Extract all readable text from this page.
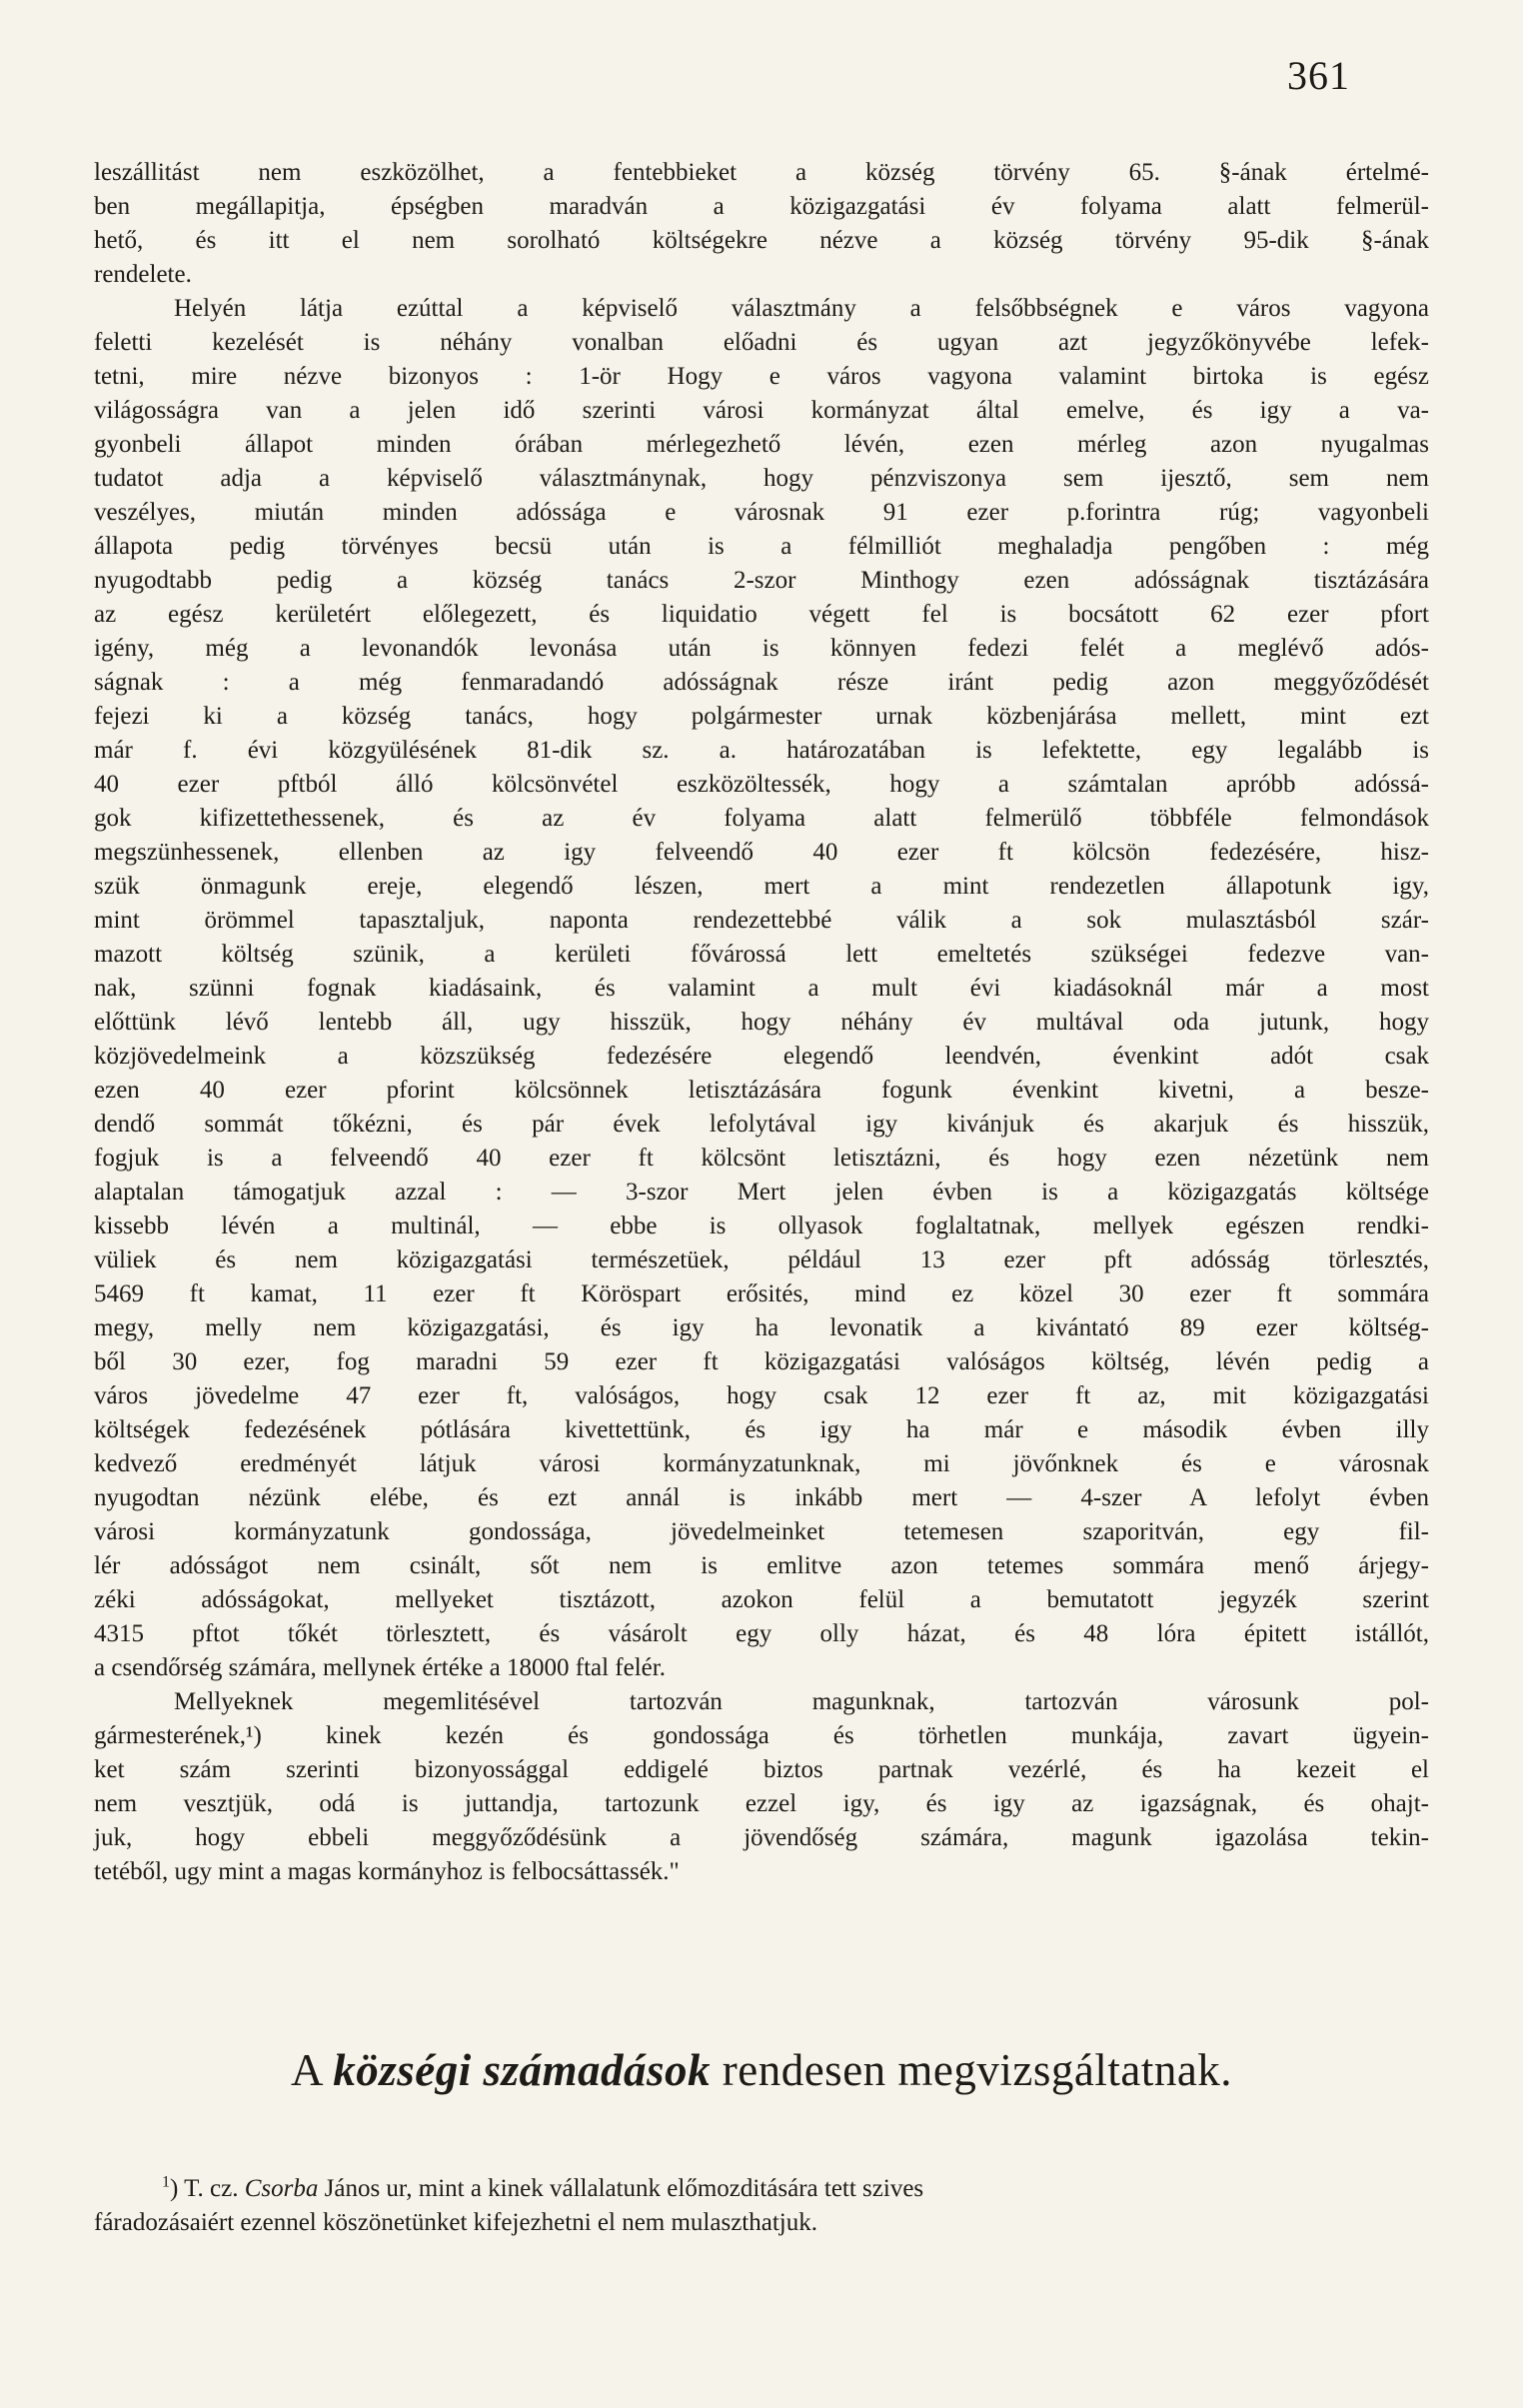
361
leszállitást nem eszközölhet, a fentebbieket a község törvény 65. §-ának értelmé-
ben megállapitja, épségben maradván a közigazgatási év folyama alatt felmerül-
hető, és itt el nem sorolható költségekre nézve a község törvény 95-dik §-ának
rendelete.
Helyén látja ezúttal a képviselő választmány a felsőbbségnek e város vagyona
feletti kezelését is néhány vonalban előadni és ugyan azt jegyzőkönyvébe lefek-
tetni, mire nézve bizonyos : 1-ör Hogy e város vagyona valamint birtoka is egész
világosságra van a jelen idő szerinti városi kormányzat által emelve, és igy a va-
gyonbeli állapot minden órában mérlegezhető lévén, ezen mérleg azon nyugalmas
tudatot adja a képviselő választmánynak, hogy pénzviszonya sem ijesztő, sem nem
veszélyes, miután minden adóssága e városnak 91 ezer p.forintra rúg; vagyonbeli
állapota pedig törvényes becsü után is a félmilliót meghaladja pengőben : még
nyugodtabb pedig a község tanács 2-szor Minthogy ezen adósságnak tisztázására
az egész kerületért előlegezett, és liquidatio végett fel is bocsátott 62 ezer pfort
igény, még a levonandók levonása után is könnyen fedezi felét a meglévő adós-
ságnak : a még fenmaradandó adósságnak része iránt pedig azon meggyőződését
fejezi ki a község tanács, hogy polgármester urnak közbenjárása mellett, mint ezt
már f. évi közgyülésének 81-dik sz. a. határozatában is lefektette, egy legalább is
40 ezer pftból álló kölcsönvétel eszközöltessék, hogy a számtalan apróbb adóssá-
gok kifizettethessenek, és az év folyama alatt felmerülő többféle felmondások
megszünhessenek, ellenben az igy felveendő 40 ezer ft kölcsön fedezésére, hisz-
szük önmagunk ereje, elegendő lészen, mert a mint rendezetlen állapotunk igy,
mint örömmel tapasztaljuk, naponta rendezettebbé válik a sok mulasztásból szár-
mazott költség szünik, a kerületi fővárossá lett emeltetés szükségei fedezve van-
nak, szünni fognak kiadásaink, és valamint a mult évi kiadásoknál már a most
előttünk lévő lentebb áll, ugy hisszük, hogy néhány év multával oda jutunk, hogy
közjövedelmeink a közszükség fedezésére elegendő leendvén, évenkint adót csak
ezen 40 ezer pforint kölcsönnek letisztázására fogunk évenkint kivetni, a besze-
dendő sommát tőkézni, és pár évek lefolytával igy kivánjuk és akarjuk és hisszük,
fogjuk is a felveendő 40 ezer ft kölcsönt letisztázni, és hogy ezen nézetünk nem
alaptalan támogatjuk azzal : — 3-szor Mert jelen évben is a közigazgatás költsége
kissebb lévén a multinál, — ebbe is ollyasok foglaltatnak, mellyek egészen rendki-
vüliek és nem közigazgatási természetüek, például 13 ezer pft adósság törlesztés,
5469 ft kamat, 11 ezer ft Köröspart erősités, mind ez közel 30 ezer ft sommára
megy, melly nem közigazgatási, és igy ha levonatik a kivántató 89 ezer költség-
ből 30 ezer, fog maradni 59 ezer ft közigazgatási valóságos költség, lévén pedig a
város jövedelme 47 ezer ft, valóságos, hogy csak 12 ezer ft az, mit közigazgatási
költségek fedezésének pótlására kivettettünk, és igy ha már e második évben illy
kedvező eredményét látjuk városi kormányzatunknak, mi jövőnknek és e városnak
nyugodtan nézünk elébe, és ezt annál is inkább mert — 4-szer A lefolyt évben
városi kormányzatunk gondossága, jövedelmeinket tetemesen szaporitván, egy fil-
lér adósságot nem csinált, sőt nem is emlitve azon tetemes sommára menő árjegy-
zéki adósságokat, mellyeket tisztázott, azokon felül a bemutatott jegyzék szerint
4315 pftot tőkét törlesztett, és vásárolt egy olly házat, és 48 lóra épitett istállót,
a csendőrség számára, mellynek értéke a 18000 ftal felér.
Mellyeknek megemlitésével tartozván magunknak, tartozván városunk pol-
gármesterének,¹) kinek kezén és gondossága és törhetlen munkája, zavart ügyein-
ket szám szerinti bizonyossággal eddigelé biztos partnak vezérlé, és ha kezeit el
nem vesztjük, odá is juttandja, tartozunk ezzel igy, és igy az igazságnak, és ohajt-
juk, hogy ebbeli meggyőződésünk a jövendőség számára, magunk igazolása tekin-
tetéből, ugy mint a magas kormányhoz is felbocsáttassék."
A községi számadások rendesen megvizsgáltatnak.
$^1$) T. cz. Csorba János ur, mint a kinek vállalatunk előmozditására tett szives
fáradozásaiért ezennel köszönetünket kifejezhetni el nem mulaszthatjuk.
